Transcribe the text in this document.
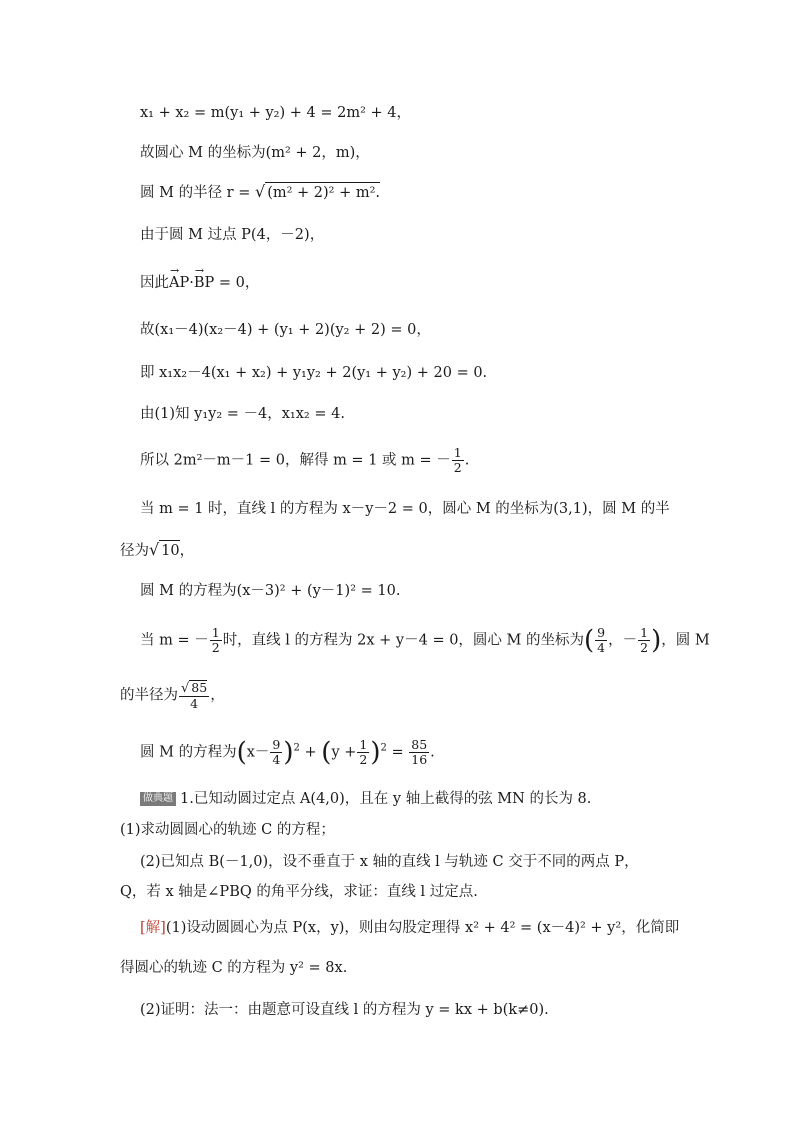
x₁ + x₂ = m(y₁ + y₂) + 4 = 2m² + 4，
故圆心 M 的坐标为(m² + 2，m)，
圆 M 的半径 r = √ (m² + 2)² + m².
由于圆 M 过点 P(4，－2)，
因此→ AP·→ BP = 0，
故(x₁－4)(x₂－4) + (y₁ + 2)(y₂ + 2) = 0，
即 x₁x₂－4(x₁ + x₂) + y₁y₂ + 2(y₁ + y₂) + 20 = 0.
由(1)知 y₁y₂ = －4，x₁x₂ = 4.
所以 2m²－m－1 = 0，解得 m = 1 或 m = － $\frac{1}{2}$ .
当 m = 1 时，直线 l 的方程为 x－y－2 = 0，圆心 M 的坐标为(3,1)，圆 M 的半
径为√ 10，
圆 M 的方程为(x－3)² + (y－1)² = 10.
当 m = － $\frac{1}{2}$ 时，直线 l 的方程为 2x + y－4 = 0，圆心 M 的坐标为( $\frac{9}{4}$ ，－ $\frac{1}{2}$ )，圆 M
的半径为 $\frac{√ 85}{4}$ ，
圆 M 的方程为$(x- \frac{9}{4} )^2 + (y + \frac{1}{2} )^2 = \frac{85}{16}$ .
做典题 1.已知动圆过定点 A(4,0)，且在 y 轴上截得的弦 MN 的长为 8.
(1)求动圆圆心的轨迹 C 的方程；
(2)已知点 B(－1,0)，设不垂直于 x 轴的直线 l 与轨迹 C 交于不同的两点 P，
Q，若 x 轴是∠PBQ 的角平分线，求证：直线 l 过定点.
[解](1)设动圆圆心为点 P(x，y)，则由勾股定理得 x² + 4² = (x－4)² + y²，化简即
得圆心的轨迹 C 的方程为 y² = 8x.
(2)证明：法一：由题意可设直线 l 的方程为 y = kx + b(k≠0).
